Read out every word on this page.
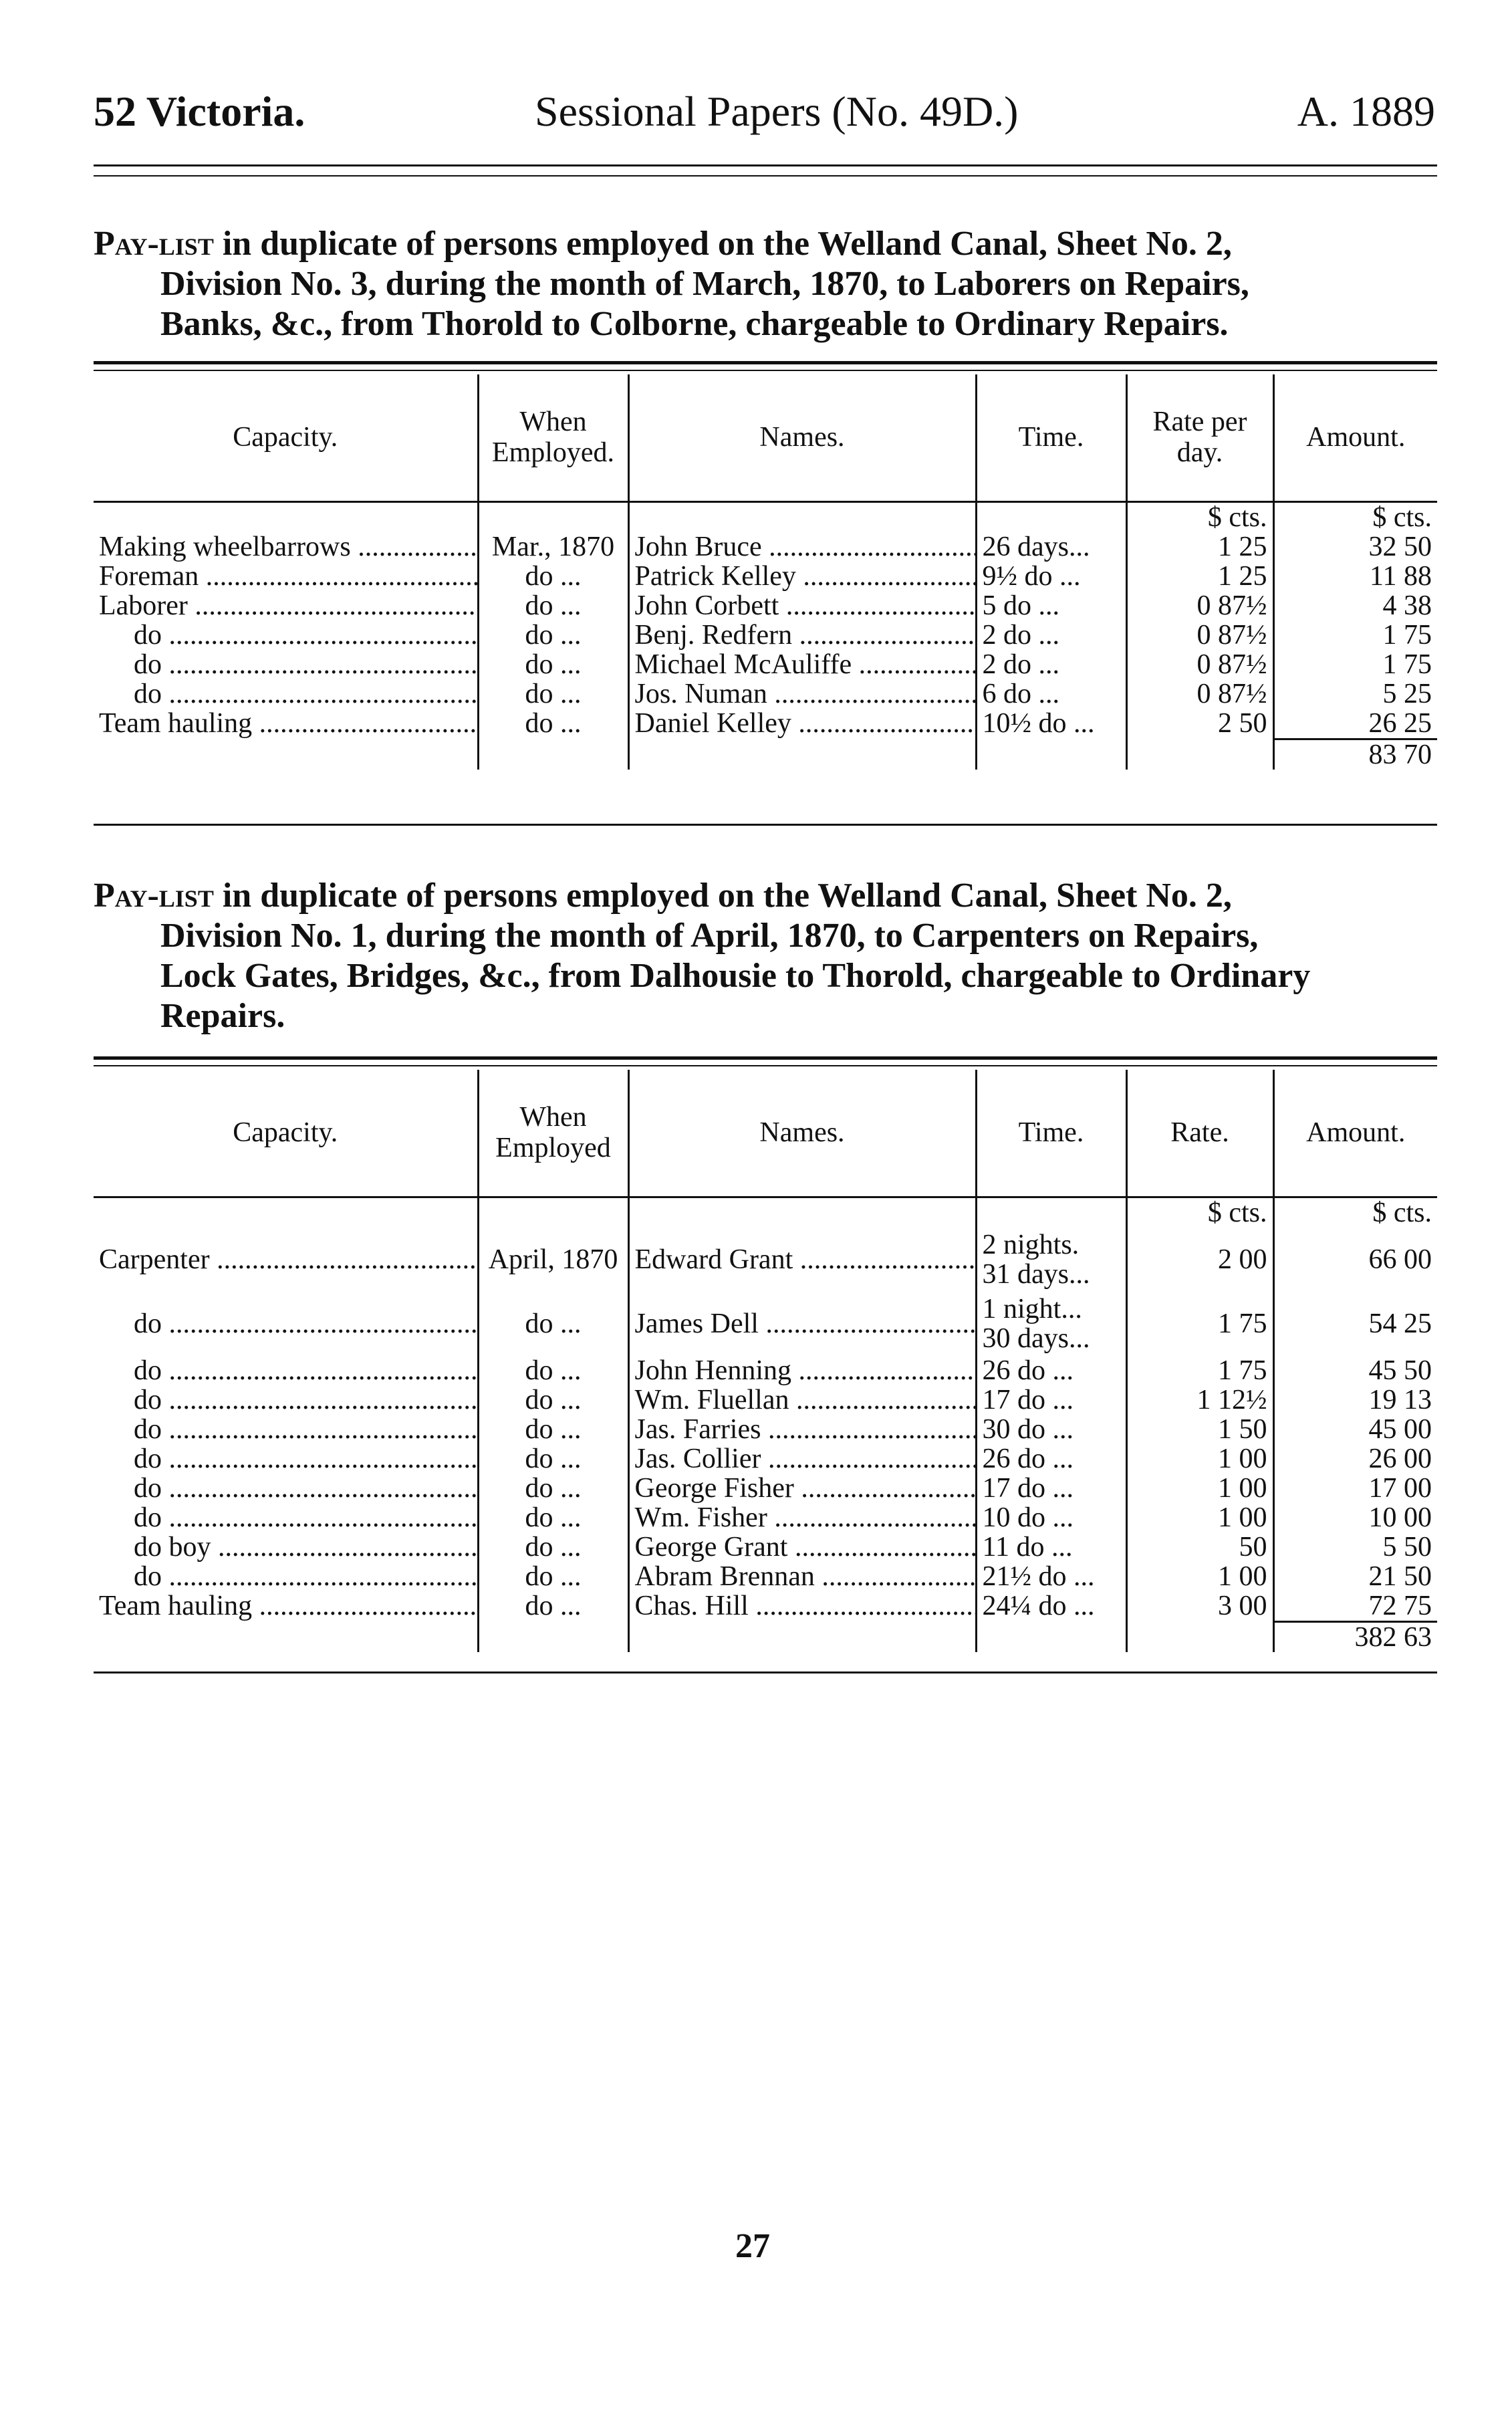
52 Victoria.	Sessional Papers (No. 49D.)	A. 1889
Pay-list in duplicate of persons employed on the Welland Canal, Sheet No. 2,
Division No. 3, during the month of March, 1870, to Laborers on Repairs,
Banks, &c., from Thorold to Colborne, chargeable to Ordinary Repairs.
Capacity.	When Employed.	Names.	Time.	Rate per day.	Amount.
				$ cts.	$ cts.
Making wheelbarrows .....	Mar., 1870	John Bruce .....	26 days...	1 25	32 50
Foreman .....	do ...	Patrick Kelley .....	9½ do ...	1 25	11 88
Laborer .....	do ...	John Corbett .....	5 do ...	0 87½	4 38
do .....	do ...	Benj. Redfern .....	2 do ...	0 87½	1 75
do .....	do ...	Michael McAuliffe .....	2 do ...	0 87½	1 75
do .....	do ...	Jos. Numan .....	6 do ...	0 87½	5 25
Team hauling .....	do ...	Daniel Kelley .....	10½ do ...	2 50	26 25
					83 70
Pay-list in duplicate of persons employed on the Welland Canal, Sheet No. 2,
Division No. 1, during the month of April, 1870, to Carpenters on Repairs,
Lock Gates, Bridges, &c., from Dalhousie to Thorold, chargeable to Ordinary
Repairs.
Capacity.	When Employed	Names.	Time.	Rate.	Amount.
				$ cts.	$ cts.
Carpenter .....	April, 1870	Edward Grant .....	2 nights.
31 days...	2 00	66 00
do .....	do ...	James Dell .....	1 night...
30 days...	1 75	54 25
do .....	do ...	John Henning .....	26 do ...	1 75	45 50
do .....	do ...	Wm. Fluellan .....	17 do ...	1 12½	19 13
do .....	do ...	Jas. Farries .....	30 do ...	1 50	45 00
do .....	do ...	Jas. Collier .....	26 do ...	1 00	26 00
do .....	do ...	George Fisher .....	17 do ...	1 00	17 00
do .....	do ...	Wm. Fisher .....	10 do ...	1 00	10 00
do boy .....	do ...	George Grant .....	11 do ...	50	5 50
do .....	do ...	Abram Brennan .....	21½ do ...	1 00	21 50
Team hauling .....	do ...	Chas. Hill .....	24¼ do ...	3 00	72 75
					382 63
27
